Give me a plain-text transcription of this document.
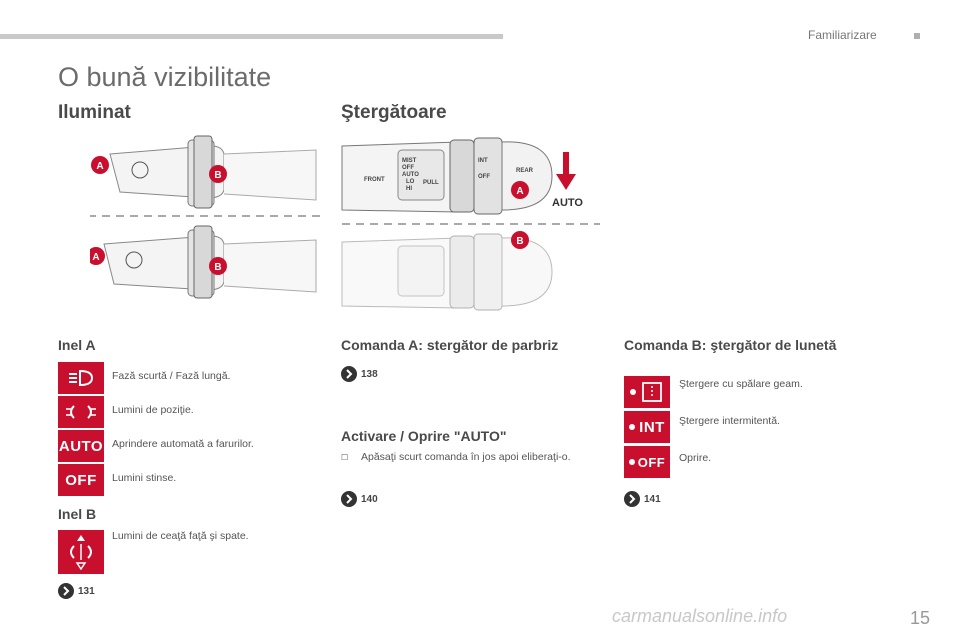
Familiarizare
O bună vizibilitate
Iluminat
A
B
A
B
Inel A
Fază scurtă / Fază lungă.
Lumini de poziţie.
AUTO Aprindere automată a farurilor.
OFF Lumini stinse.
Inel B
Lumini de ceaţă faţă şi spate.
131
Ştergătoare
FRONT
MIST
OFF
AUTO
LO
HI
PULL
INT
OFF
REAR
A
AUTO
B
Comanda A: stergător de parbriz
138
Activare / Oprire "AUTO"
☐ Apăsaţi scurt comanda în jos apoi eliberaţi-o.
140
Comanda B: ştergător de lunetă
Ştergere cu spălare geam.
INT Ştergere intermitentă.
OFF Oprire.
141
carmanualsonline.info	15
